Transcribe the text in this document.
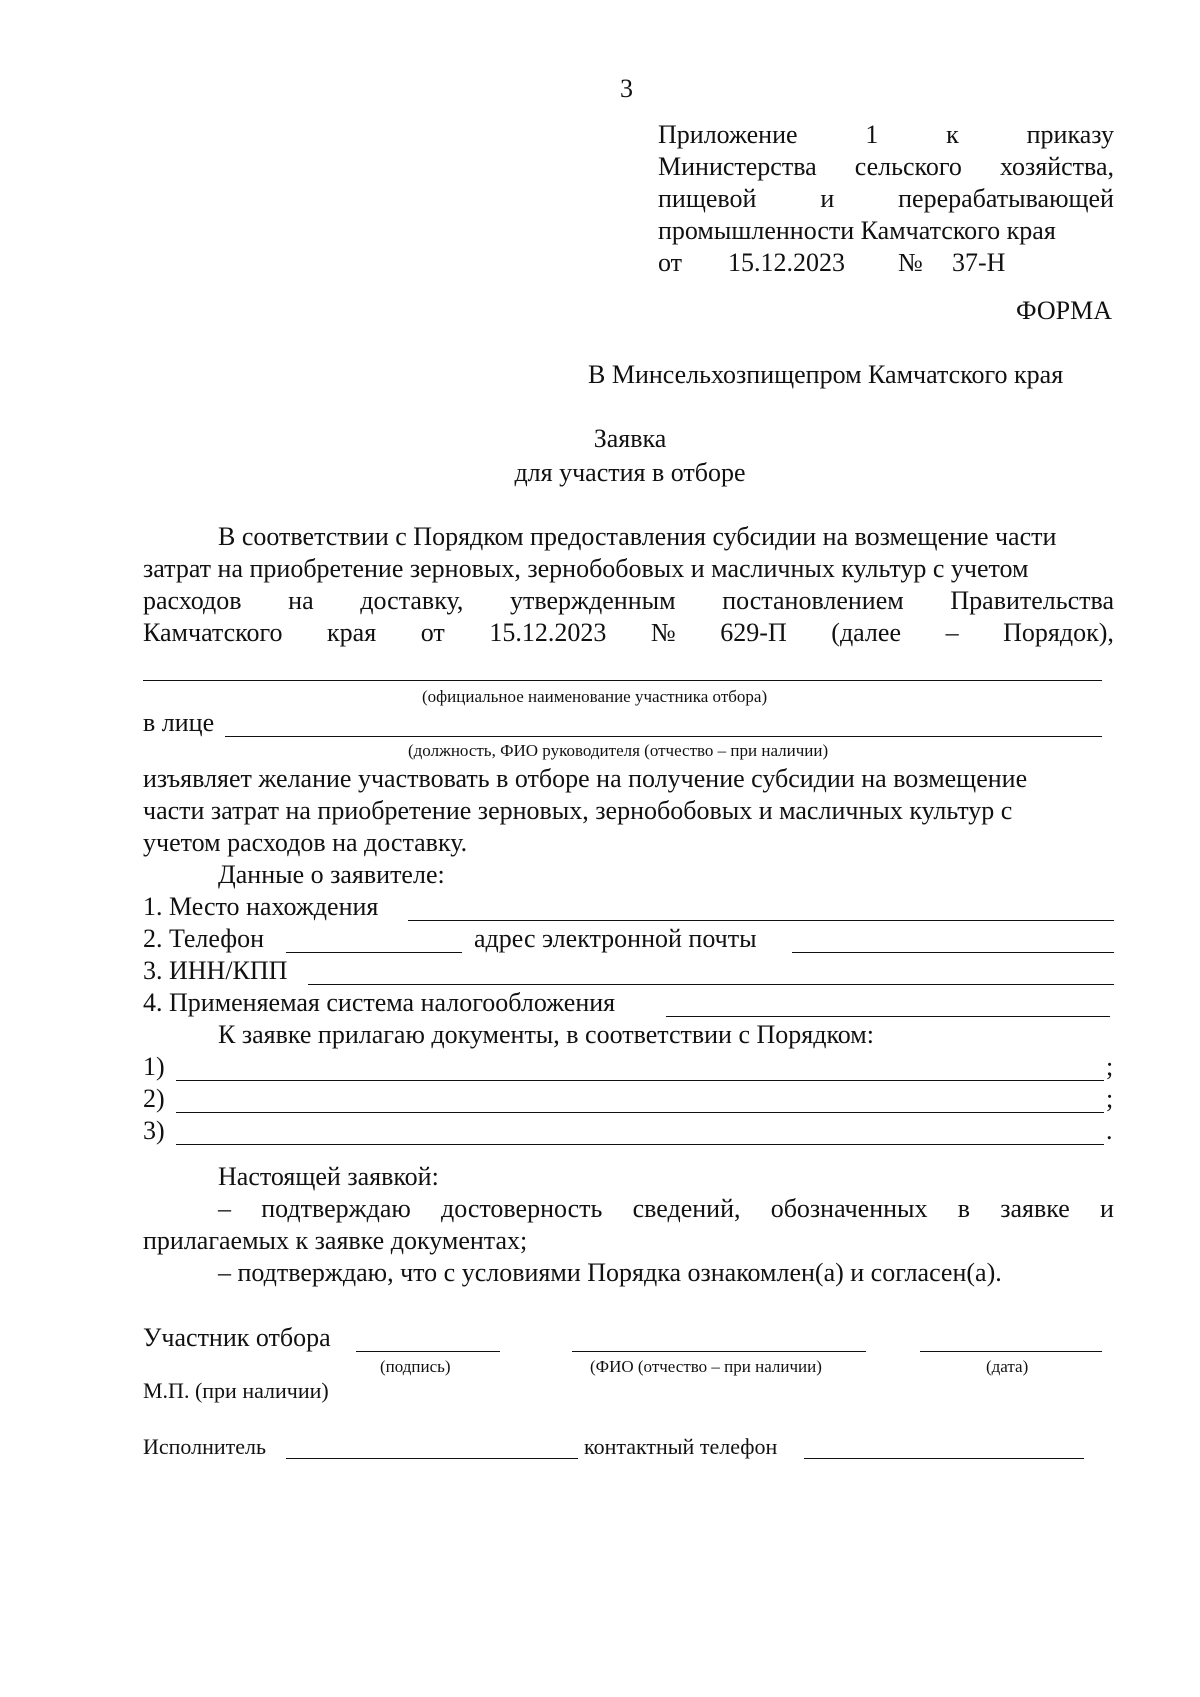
3
Приложение	1	к	приказу
Министерства сельского хозяйства,
пищевой и перерабатывающей
промышленности Камчатского края
от 15.12.2023 № 37-Н
ФОРМА
В Минсельхозпищепром Камчатского края
Заявка
для участия в отборе
В соответствии с Порядком предоставления субсидии на возмещение части
затрат на приобретение зерновых, зернобобовых и масличных культур с учетом
расходов на доставку, утвержденным постановлением Правительства
Камчатского края от 15.12.2023 № 629-П (далее – Порядок),
(официальное наименование участника отбора)
в лице
(должность, ФИО руководителя (отчество – при наличии)
изъявляет желание участвовать в отборе на получение субсидии на возмещение
части затрат на приобретение зерновых, зернобобовых и масличных культур с
учетом расходов на доставку.
Данные о заявителе:
1. Место нахождения
2. Телефон	адрес электронной почты
3. ИНН/КПП
4. Применяемая система налогообложения
К заявке прилагаю документы, в соответствии с Порядком:
1)	;
2)	;
3)	.
Настоящей заявкой:
– подтверждаю достоверность сведений, обозначенных в заявке и
прилагаемых к заявке документах;
– подтверждаю, что с условиями Порядка ознакомлен(а) и согласен(а).
Участник отбора
(подпись)	(ФИО (отчество – при наличии)	(дата)
М.П. (при наличии)
Исполнитель	контактный телефон
